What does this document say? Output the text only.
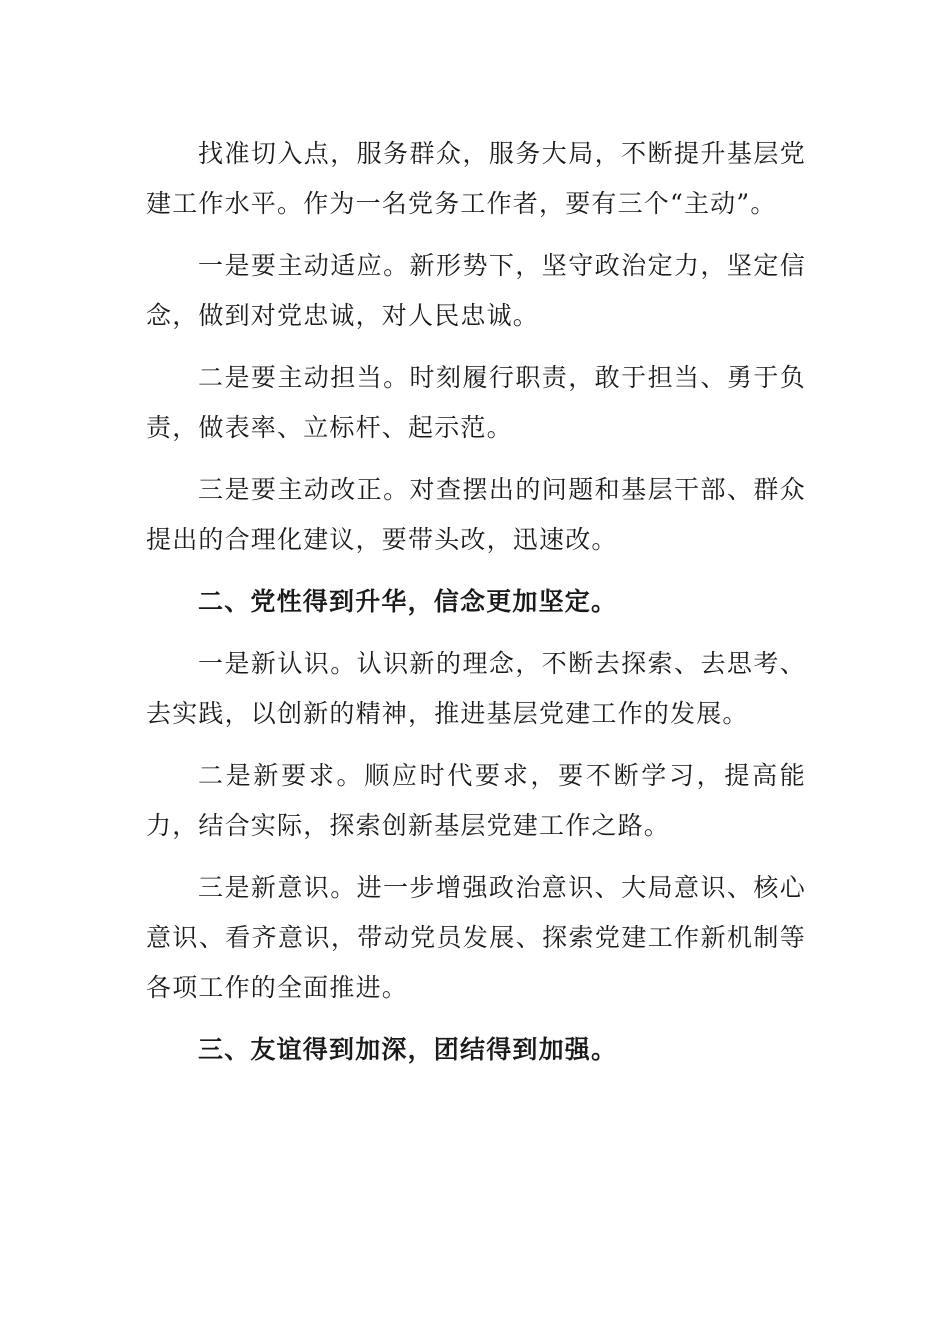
找准切入点，服务群众，服务大局，不断提升基层党建工作水平。作为一名党务工作者，要有三个“主动”。

一是要主动适应。新形势下，坚守政治定力，坚定信念，做到对党忠诚，对人民忠诚。

二是要主动担当。时刻履行职责，敢于担当、勇于负责，做表率、立标杆、起示范。

三是要主动改正。对查摆出的问题和基层干部、群众提出的合理化建议，要带头改，迅速改。

二、党性得到升华，信念更加坚定。

一是新认识。认识新的理念，不断去探索、去思考、去实践，以创新的精神，推进基层党建工作的发展。

二是新要求。顺应时代要求，要不断学习，提高能力，结合实际，探索创新基层党建工作之路。

三是新意识。进一步增强政治意识、大局意识、核心意识、看齐意识，带动党员发展、探索党建工作新机制等各项工作的全面推进。

三、友谊得到加深，团结得到加强。
